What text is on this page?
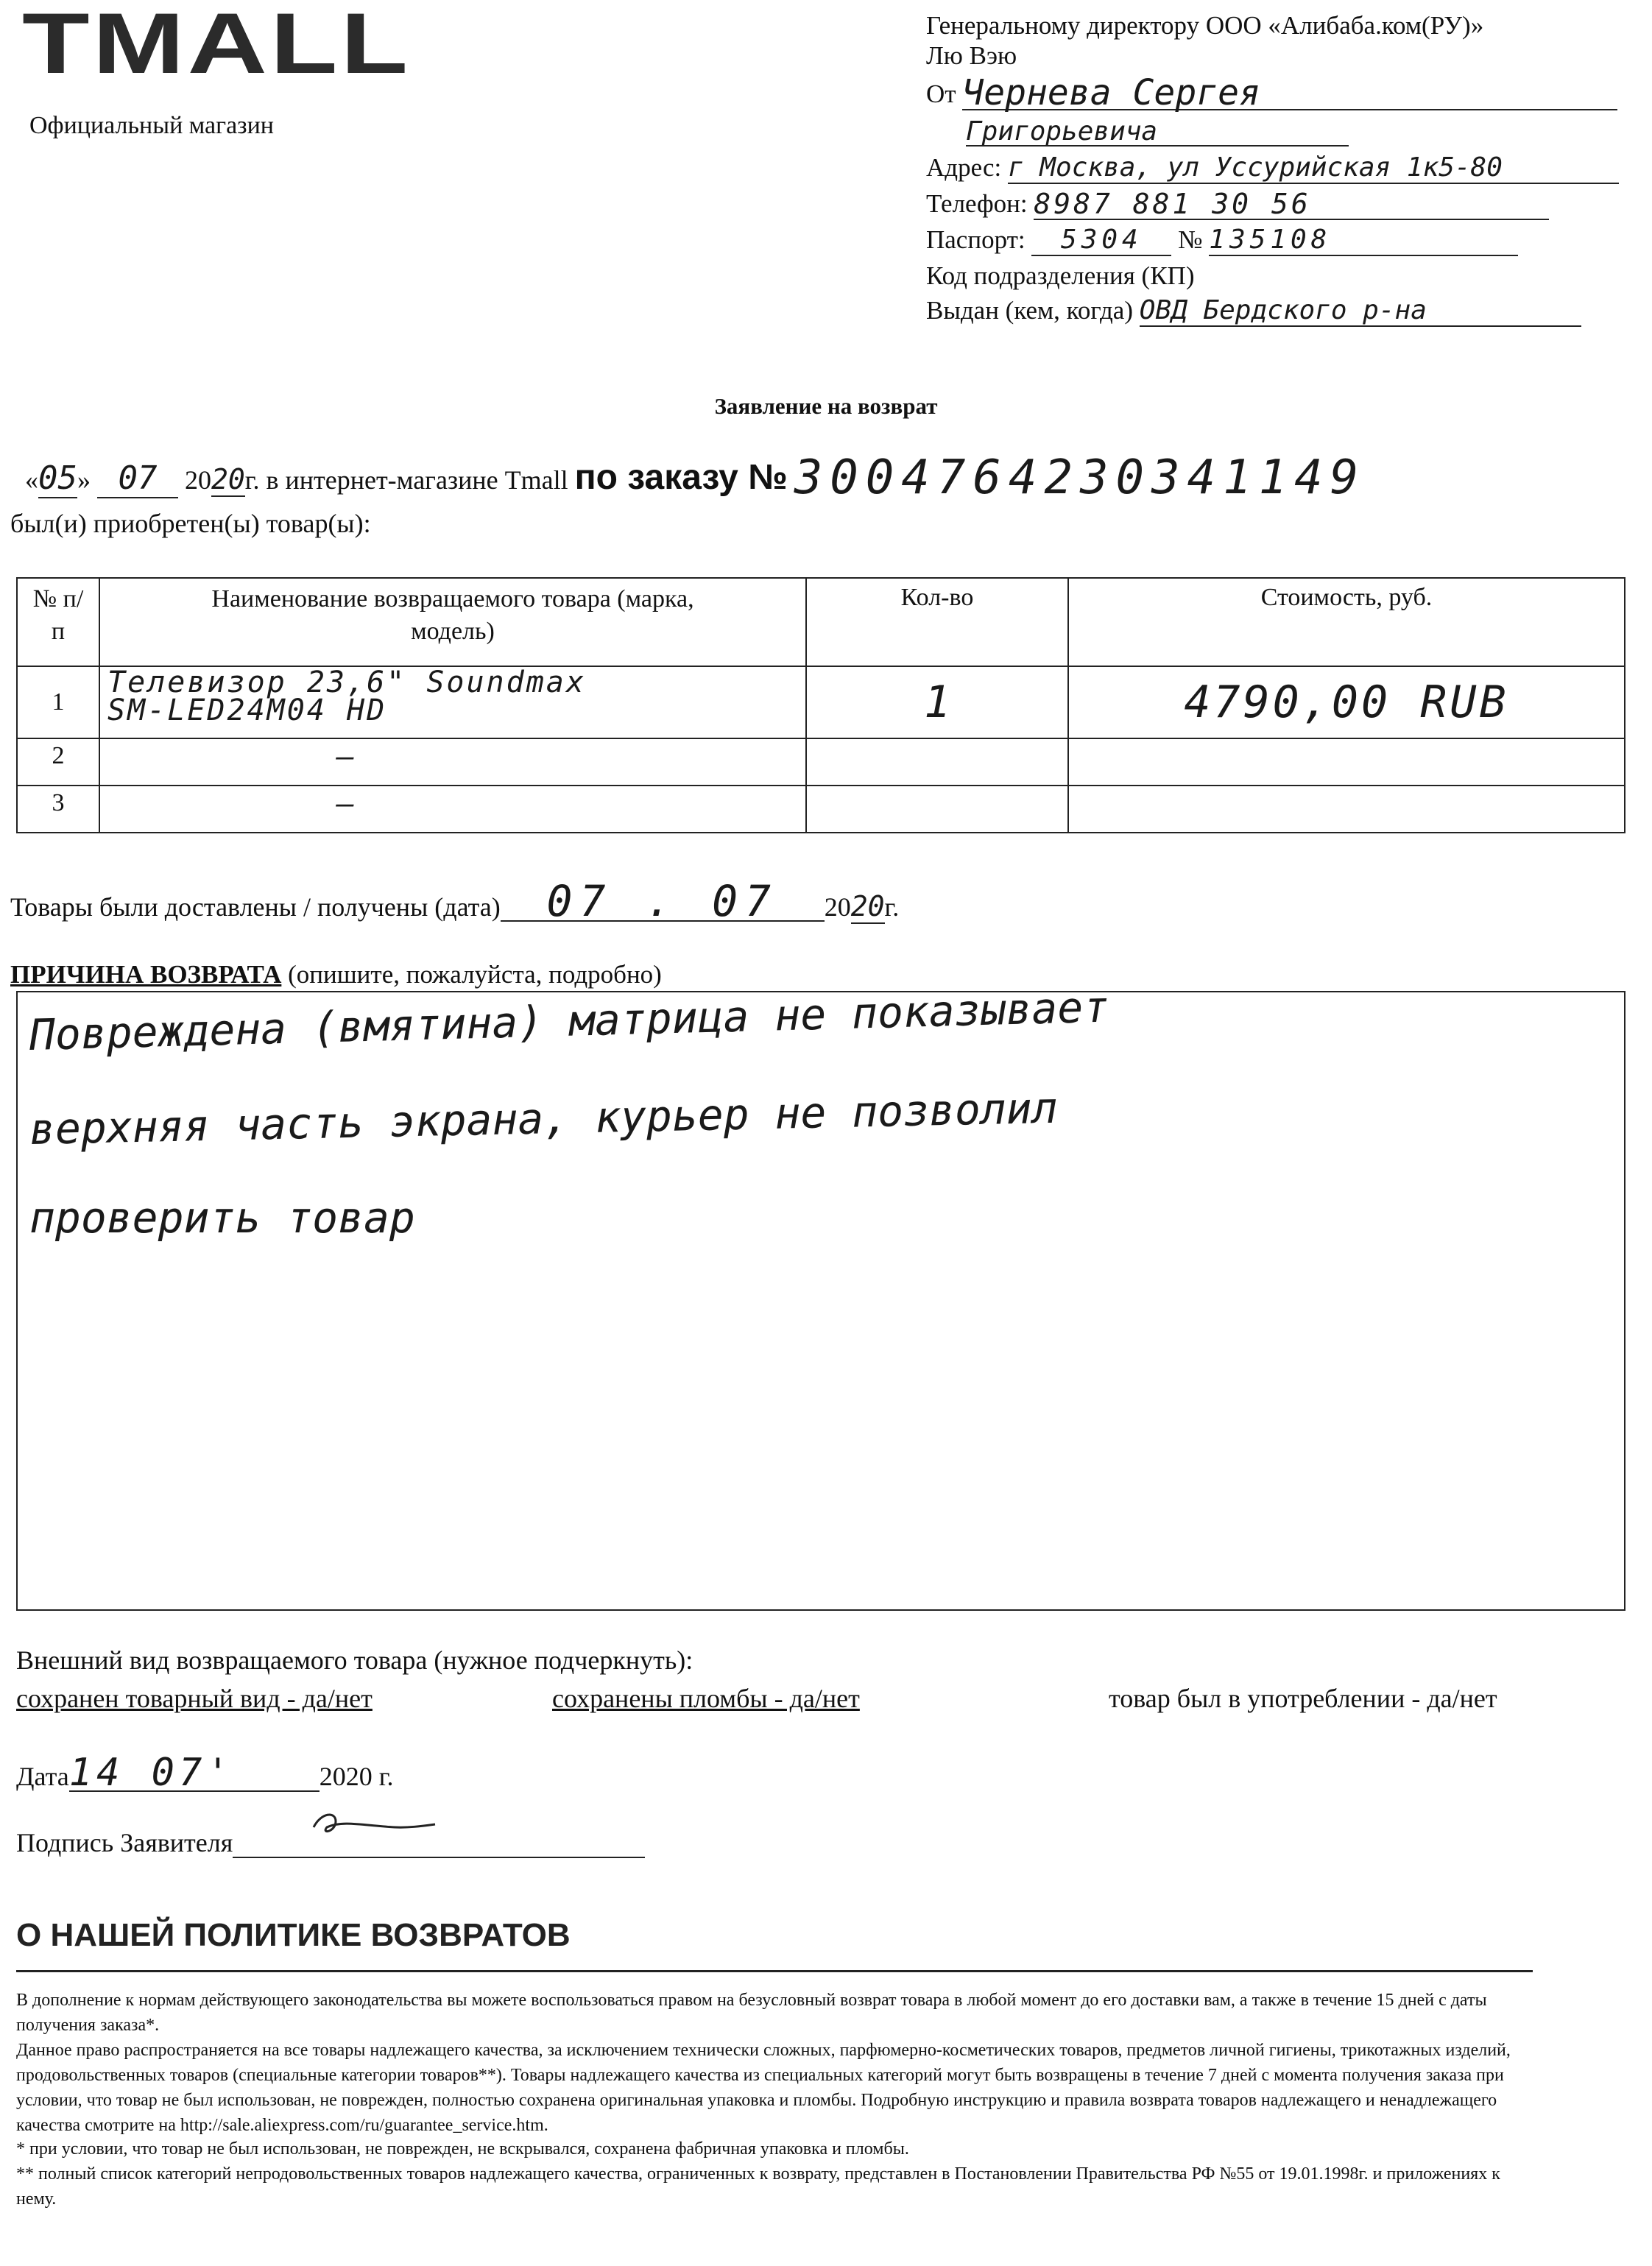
TMALL
Официальный магазин
Генеральному директору ООО «Алибаба.ком(РУ)»
Лю Вэю
От Чернева Сергея
Григорьевича
Адрес: г Москва, ул Уссурийская 1к5-80
Телефон: 8987 881 30 56
Паспорт: 5304 № 135108
Код подразделения (КП)
Выдан (кем, когда) ОВД Бердского р-на
Заявление на возврат
«05» 07 2020г. в интернет-магазине Tmall по заказу № 3004764230341149
был(и) приобретен(ы) товар(ы):
№ п/п	Наименование возвращаемого товара (марка, модель)	Кол-во	Стоимость, руб.
1	Телевизор 23,6" Soundmax
SM-LED24M04 HD	1	4790,00 RUB
2	—		
3	—		
Товары были доставлены / получены (дата) 07 . 07 2020г.
ПРИЧИНА ВОЗВРАТА (опишите, пожалуйста, подробно)
Повреждена (вмятина) матрица не показывает
верхняя часть экрана, курьер не позволил
проверить товар
Внешний вид возвращаемого товара (нужное подчеркнуть):
сохранен товарный вид - да/нет	сохранены пломбы - да/нет	товар был в употреблении - да/нет
Дата14 07'	2020 г.
Подпись Заявителя
О НАШЕЙ ПОЛИТИКЕ ВОЗВРАТОВ

В дополнение к нормам действующего законодательства вы можете воспользоваться правом на безусловный возврат товара в любой момент до его доставки вам, а также в течение 15 дней с даты получения заказа*.

Данное право распространяется на все товары надлежащего качества, за исключением технически сложных, парфюмерно-косметических товаров, предметов личной гигиены, трикотажных изделий, продовольственных товаров (специальные категории товаров**). Товары надлежащего качества из специальных категорий могут быть возвращены в течение 7 дней с момента получения заказа при условии, что товар не был использован, не поврежден, полностью сохранена оригинальная упаковка и пломбы. Подробную инструкцию и правила возврата товаров надлежащего и ненадлежащего качества смотрите на http://sale.aliexpress.com/ru/guarantee_service.htm.

* при условии, что товар не был использован, не поврежден, не вскрывался, сохранена фабричная упаковка и пломбы.

** полный список категорий непродовольственных товаров надлежащего качества, ограниченных к возврату, представлен в Постановлении Правительства РФ №55 от 19.01.1998г. и приложениях к нему.
